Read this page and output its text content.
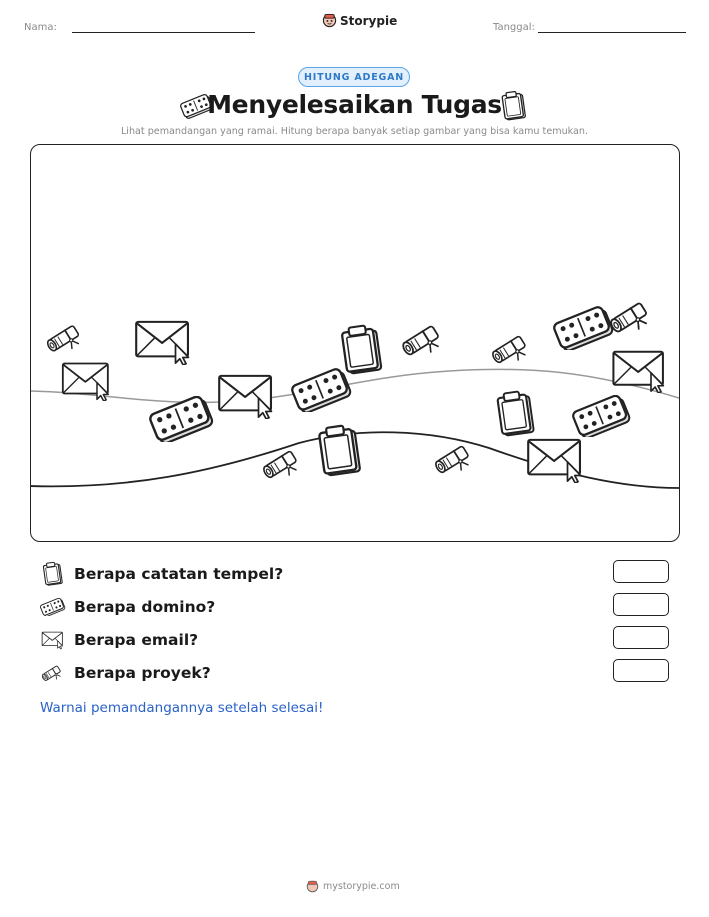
Nama:	Storypie	Tanggal:
HITUNG ADEGAN
Menyelesaikan Tugas
Lihat pemandangan yang ramai. Hitung berapa banyak setiap gambar yang bisa kamu temukan.
Berapa catatan tempel?
Berapa domino?
Berapa email?
Berapa proyek?
Warnai pemandangannya setelah selesai!
mystorypie.com
